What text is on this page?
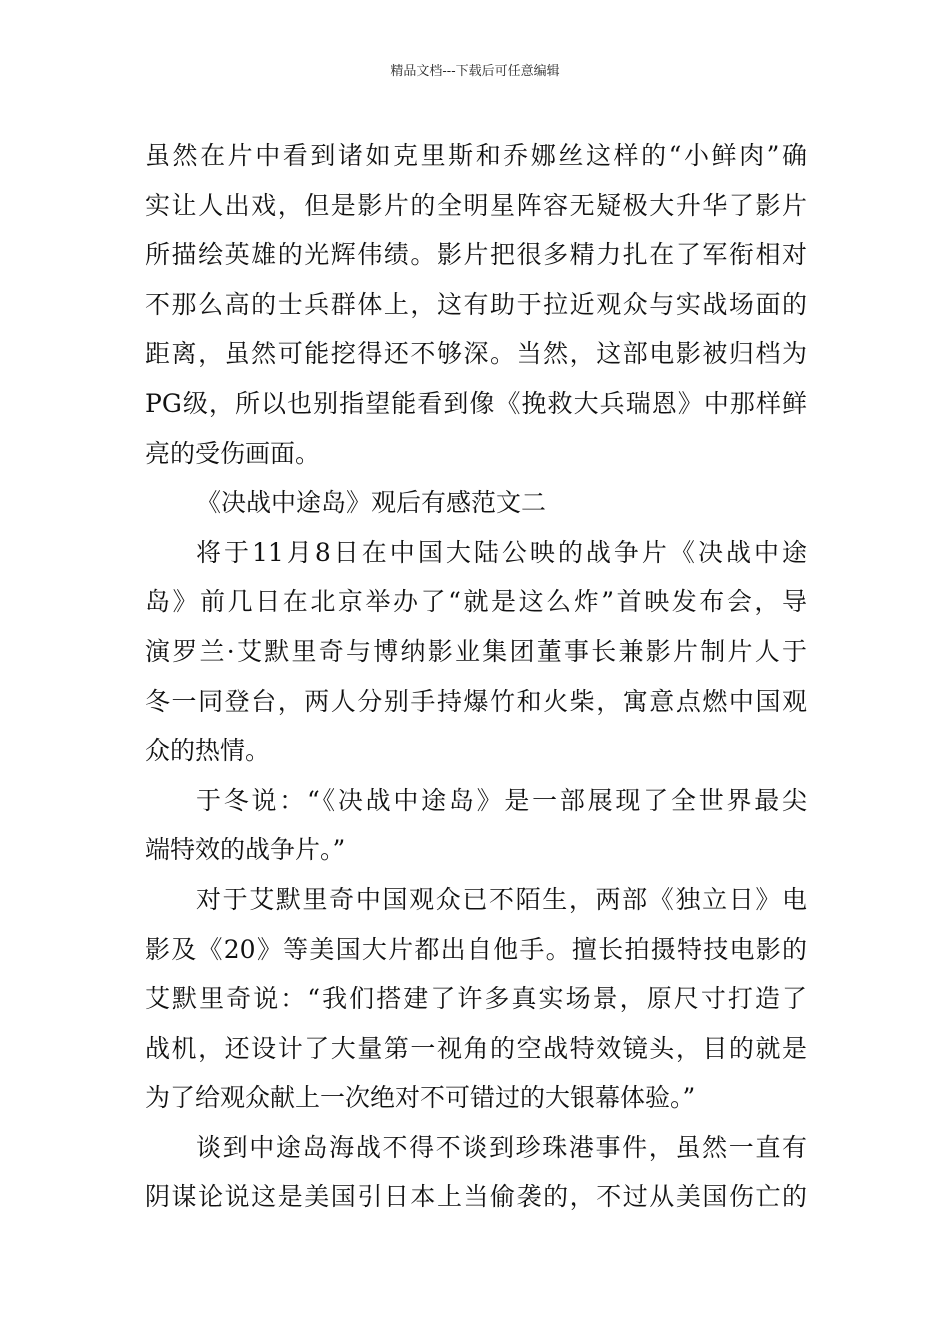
精品文档---下载后可任意编辑
虽然在片中看到诸如克里斯和乔娜丝这样的“小鲜肉”确
实让人出戏，但是影片的全明星阵容无疑极大升华了影片
所描绘英雄的光辉伟绩。影片把很多精力扎在了军衔相对
不那么高的士兵群体上，这有助于拉近观众与实战场面的
距离，虽然可能挖得还不够深。当然，这部电影被归档为
PG级，所以也别指望能看到像《挽救大兵瑞恩》中那样鲜
亮的受伤画面。
《决战中途岛》观后有感范文二
将于11月8日在中国大陆公映的战争片《决战中途
岛》前几日在北京举办了“就是这么炸”首映发布会，导
演罗兰·艾默里奇与博纳影业集团董事长兼影片制片人于
冬一同登台，两人分别手持爆竹和火柴，寓意点燃中国观
众的热情。
于冬说：“《决战中途岛》是一部展现了全世界最尖
端特效的战争片。”
对于艾默里奇中国观众已不陌生，两部《独立日》电
影及《20》等美国大片都出自他手。擅长拍摄特技电影的
艾默里奇说：“我们搭建了许多真实场景，原尺寸打造了
战机，还设计了大量第一视角的空战特效镜头，目的就是
为了给观众献上一次绝对不可错过的大银幕体验。”
谈到中途岛海战不得不谈到珍珠港事件，虽然一直有
阴谋论说这是美国引日本上当偷袭的，不过从美国伤亡的
